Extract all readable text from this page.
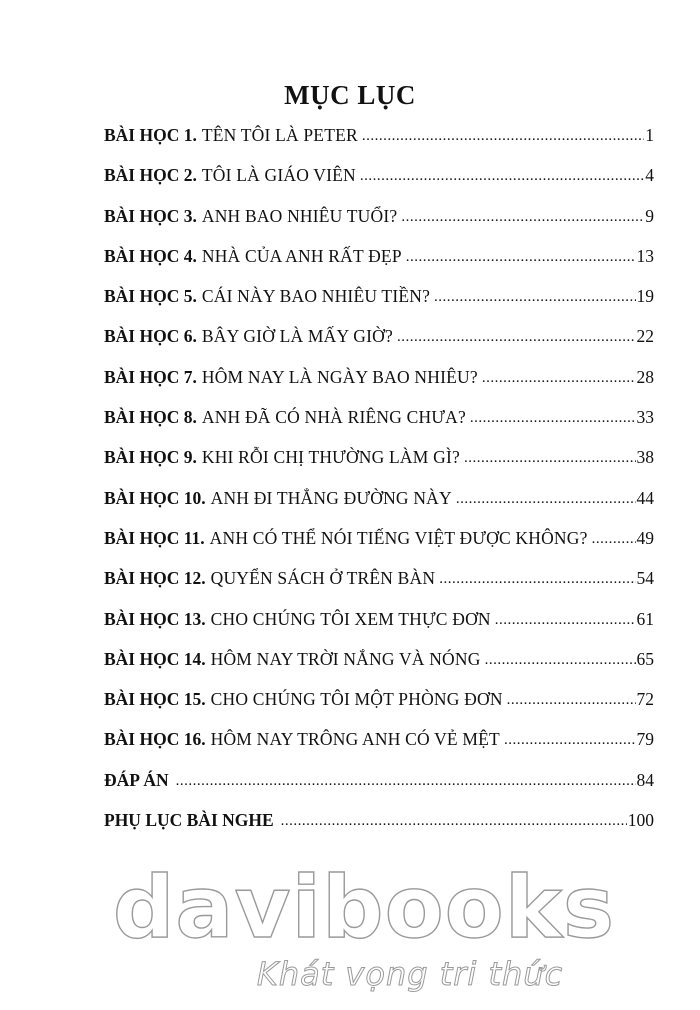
MỤC LỤC
BÀI HỌC 1. TÊN TÔI LÀ PETER .....	1
BÀI HỌC 2. TÔI LÀ GIÁO VIÊN .....	4
BÀI HỌC 3. ANH BAO NHIÊU TUỔI? .....	9
BÀI HỌC 4. NHÀ CỦA ANH RẤT ĐẸP .....	13
BÀI HỌC 5. CÁI NÀY BAO NHIÊU TIỀN? .....	19
BÀI HỌC 6. BÂY GIỜ LÀ MẤY GIỜ? .....	22
BÀI HỌC 7. HÔM NAY LÀ NGÀY BAO NHIÊU? .....	28
BÀI HỌC 8. ANH ĐÃ CÓ NHÀ RIÊNG CHƯA? .....	33
BÀI HỌC 9. KHI RỖI CHỊ THƯỜNG LÀM GÌ? .....	38
BÀI HỌC 10. ANH ĐI THẲNG ĐƯỜNG NÀY .....	44
BÀI HỌC 11. ANH CÓ THỂ NÓI TIẾNG VIỆT ĐƯỢC KHÔNG? .....	49
BÀI HỌC 12. QUYỂN SÁCH Ở TRÊN BÀN .....	54
BÀI HỌC 13. CHO CHÚNG TÔI XEM THỰC ĐƠN .....	61
BÀI HỌC 14. HÔM NAY TRỜI NẮNG VÀ NÓNG .....	65
BÀI HỌC 15. CHO CHÚNG TÔI MỘT PHÒNG ĐƠN .....	72
BÀI HỌC 16. HÔM NAY TRÔNG ANH CÓ VẺ MỆT .....	79
ĐÁP ÁN .....	84
PHỤ LỤC BÀI NGHE .....	100
davibooks
Khát vọng tri thức
